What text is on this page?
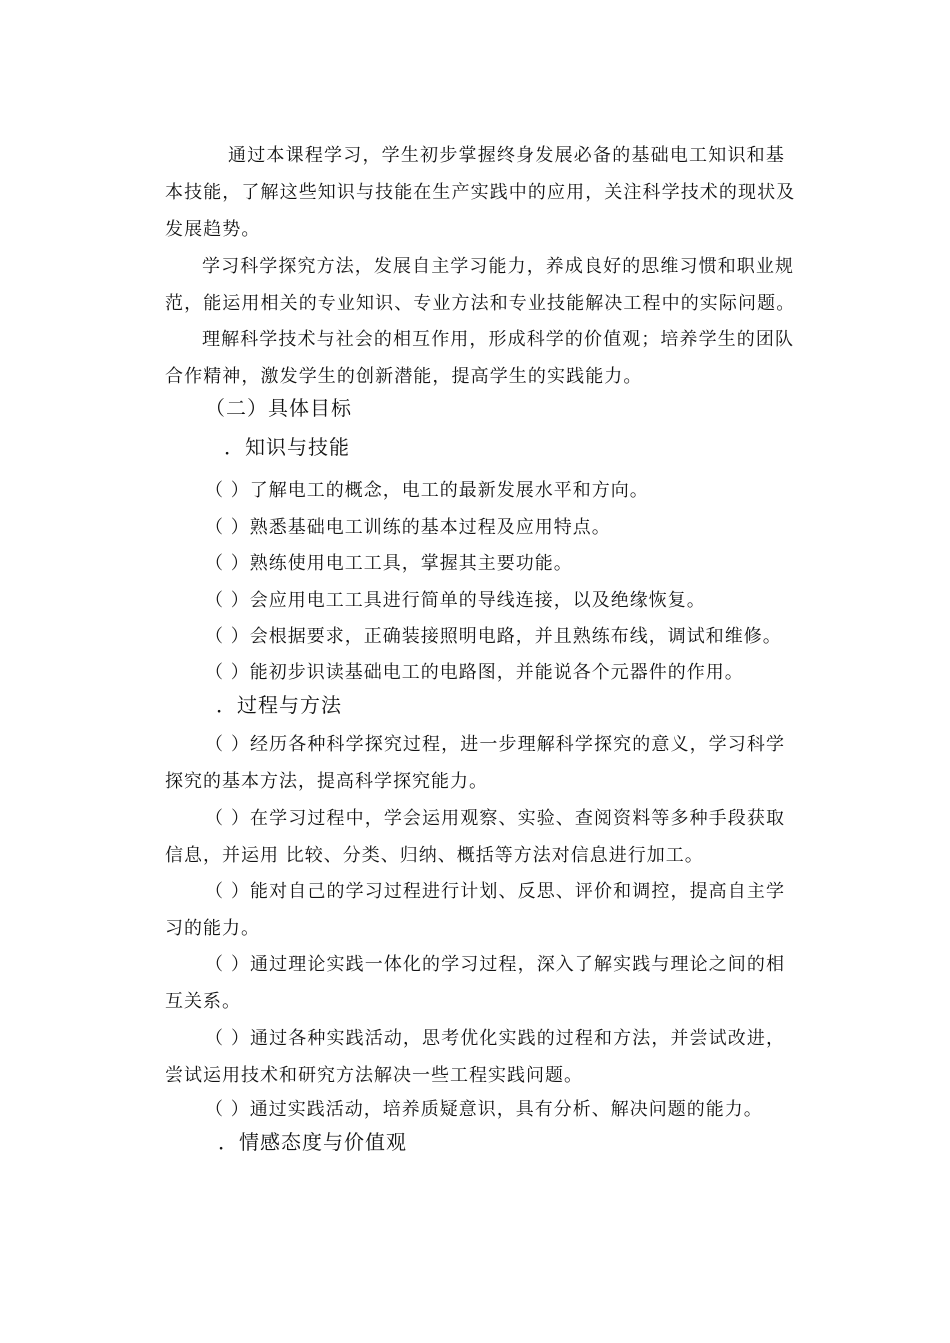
通过本课程学习，学生初步掌握终身发展必备的基础电工知识和基
本技能，了解这些知识与技能在生产实践中的应用，关注科学技术的现状及
发展趋势。
学习科学探究方法，发展自主学习能力，养成良好的思维习惯和职业规
范，能运用相关的专业知识、专业方法和专业技能解决工程中的实际问题。
理解科学技术与社会的相互作用，形成科学的价值观；培养学生的团队
合作精神，激发学生的创新潜能，提高学生的实践能力。
（二）具体目标
．知识与技能
（ ）了解电工的概念，电工的最新发展水平和方向。
（ ）熟悉基础电工训练的基本过程及应用特点。
（ ）熟练使用电工工具，掌握其主要功能。
（ ）会应用电工工具进行简单的导线连接，以及绝缘恢复。
（ ）会根据要求，正确装接照明电路，并且熟练布线，调试和维修。
（ ）能初步识读基础电工的电路图，并能说各个元器件的作用。
．过程与方法
（ ）经历各种科学探究过程，进一步理解科学探究的意义，学习科学探究的基本方法，提高科学探究能力。
（ ）在学习过程中，学会运用观察、实验、查阅资料等多种手段获取信息，并运用 比较、分类、归纳、概括等方法对信息进行加工。
（ ）能对自己的学习过程进行计划、反思、评价和调控，提高自主学习的能力。
（ ）通过理论实践一体化的学习过程，深入了解实践与理论之间的相互关系。
（ ）通过各种实践活动，思考优化实践的过程和方法，并尝试改进，尝试运用技术和研究方法解决一些工程实践问题。
（ ）通过实践活动，培养质疑意识，具有分析、解决问题的能力。
．情感态度与价值观
